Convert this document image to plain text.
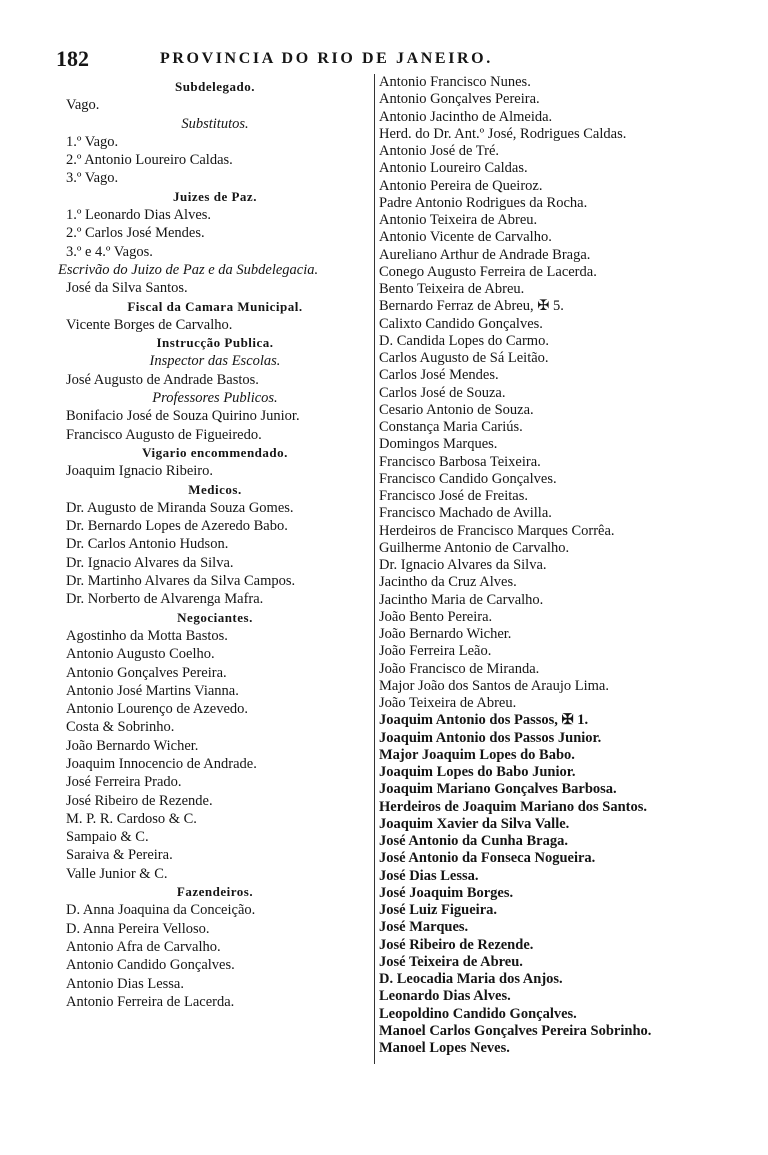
182	PROVINCIA DO RIO DE JANEIRO.
Subdelegado.
Vago.
Substitutos.
1.º Vago.
2.º Antonio Loureiro Caldas.
3.º Vago.
Juizes de Paz.
1.º Leonardo Dias Alves.
2.º Carlos José Mendes.
3.º e 4.º Vagos.
Escrivão do Juizo de Paz e da Subdelegacia.
José da Silva Santos.
Fiscal da Camara Municipal.
Vicente Borges de Carvalho.
Instrucção Publica.
Inspector das Escolas.
José Augusto de Andrade Bastos.
Professores Publicos.
Bonifacio José de Souza Quirino Junior.
Francisco Augusto de Figueiredo.
Vigario encommendado.
Joaquim Ignacio Ribeiro.
Medicos.
Dr. Augusto de Miranda Souza Gomes.
Dr. Bernardo Lopes de Azeredo Babo.
Dr. Carlos Antonio Hudson.
Dr. Ignacio Alvares da Silva.
Dr. Martinho Alvares da Silva Campos.
Dr. Norberto de Alvarenga Mafra.
Negociantes.
Agostinho da Motta Bastos.
Antonio Augusto Coelho.
Antonio Gonçalves Pereira.
Antonio José Martins Vianna.
Antonio Lourenço de Azevedo.
Costa & Sobrinho.
João Bernardo Wicher.
Joaquim Innocencio de Andrade.
José Ferreira Prado.
José Ribeiro de Rezende.
M. P. R. Cardoso & C.
Sampaio & C.
Saraiva & Pereira.
Valle Junior & C.
Fazendeiros.
D. Anna Joaquina da Conceição.
D. Anna Pereira Velloso.
Antonio Afra de Carvalho.
Antonio Candido Gonçalves.
Antonio Dias Lessa.
Antonio Ferreira de Lacerda.
Antonio Francisco Nunes.
Antonio Gonçalves Pereira.
Antonio Jacintho de Almeida.
Herd. do Dr. Ant.º José, Rodrigues Caldas.
Antonio José de Tré.
Antonio Loureiro Caldas.
Antonio Pereira de Queiroz.
Padre Antonio Rodrigues da Rocha.
Antonio Teixeira de Abreu.
Antonio Vicente de Carvalho.
Aureliano Arthur de Andrade Braga.
Conego Augusto Ferreira de Lacerda.
Bento Teixeira de Abreu.
Bernardo Ferraz de Abreu, ✠ 5.
Calixto Candido Gonçalves.
D. Candida Lopes do Carmo.
Carlos Augusto de Sá Leitão.
Carlos José Mendes.
Carlos José de Souza.
Cesario Antonio de Souza.
Constança Maria Cariús.
Domingos Marques.
Francisco Barbosa Teixeira.
Francisco Candido Gonçalves.
Francisco José de Freitas.
Francisco Machado de Avilla.
Herdeiros de Francisco Marques Corrêa.
Guilherme Antonio de Carvalho.
Dr. Ignacio Alvares da Silva.
Jacintho da Cruz Alves.
Jacintho Maria de Carvalho.
João Bento Pereira.
João Bernardo Wicher.
João Ferreira Leão.
João Francisco de Miranda.
Major João dos Santos de Araujo Lima.
João Teixeira de Abreu.
Joaquim Antonio dos Passos, ✠ 1.
Joaquim Antonio dos Passos Junior.
Major Joaquim Lopes do Babo.
Joaquim Lopes do Babo Junior.
Joaquim Mariano Gonçalves Barbosa.
Herdeiros de Joaquim Mariano dos Santos.
Joaquim Xavier da Silva Valle.
José Antonio da Cunha Braga.
José Antonio da Fonseca Nogueira.
José Dias Lessa.
José Joaquim Borges.
José Luiz Figueira.
José Marques.
José Ribeiro de Rezende.
José Teixeira de Abreu.
D. Leocadia Maria dos Anjos.
Leonardo Dias Alves.
Leopoldino Candido Gonçalves.
Manoel Carlos Gonçalves Pereira Sobrinho.
Manoel Lopes Neves.
